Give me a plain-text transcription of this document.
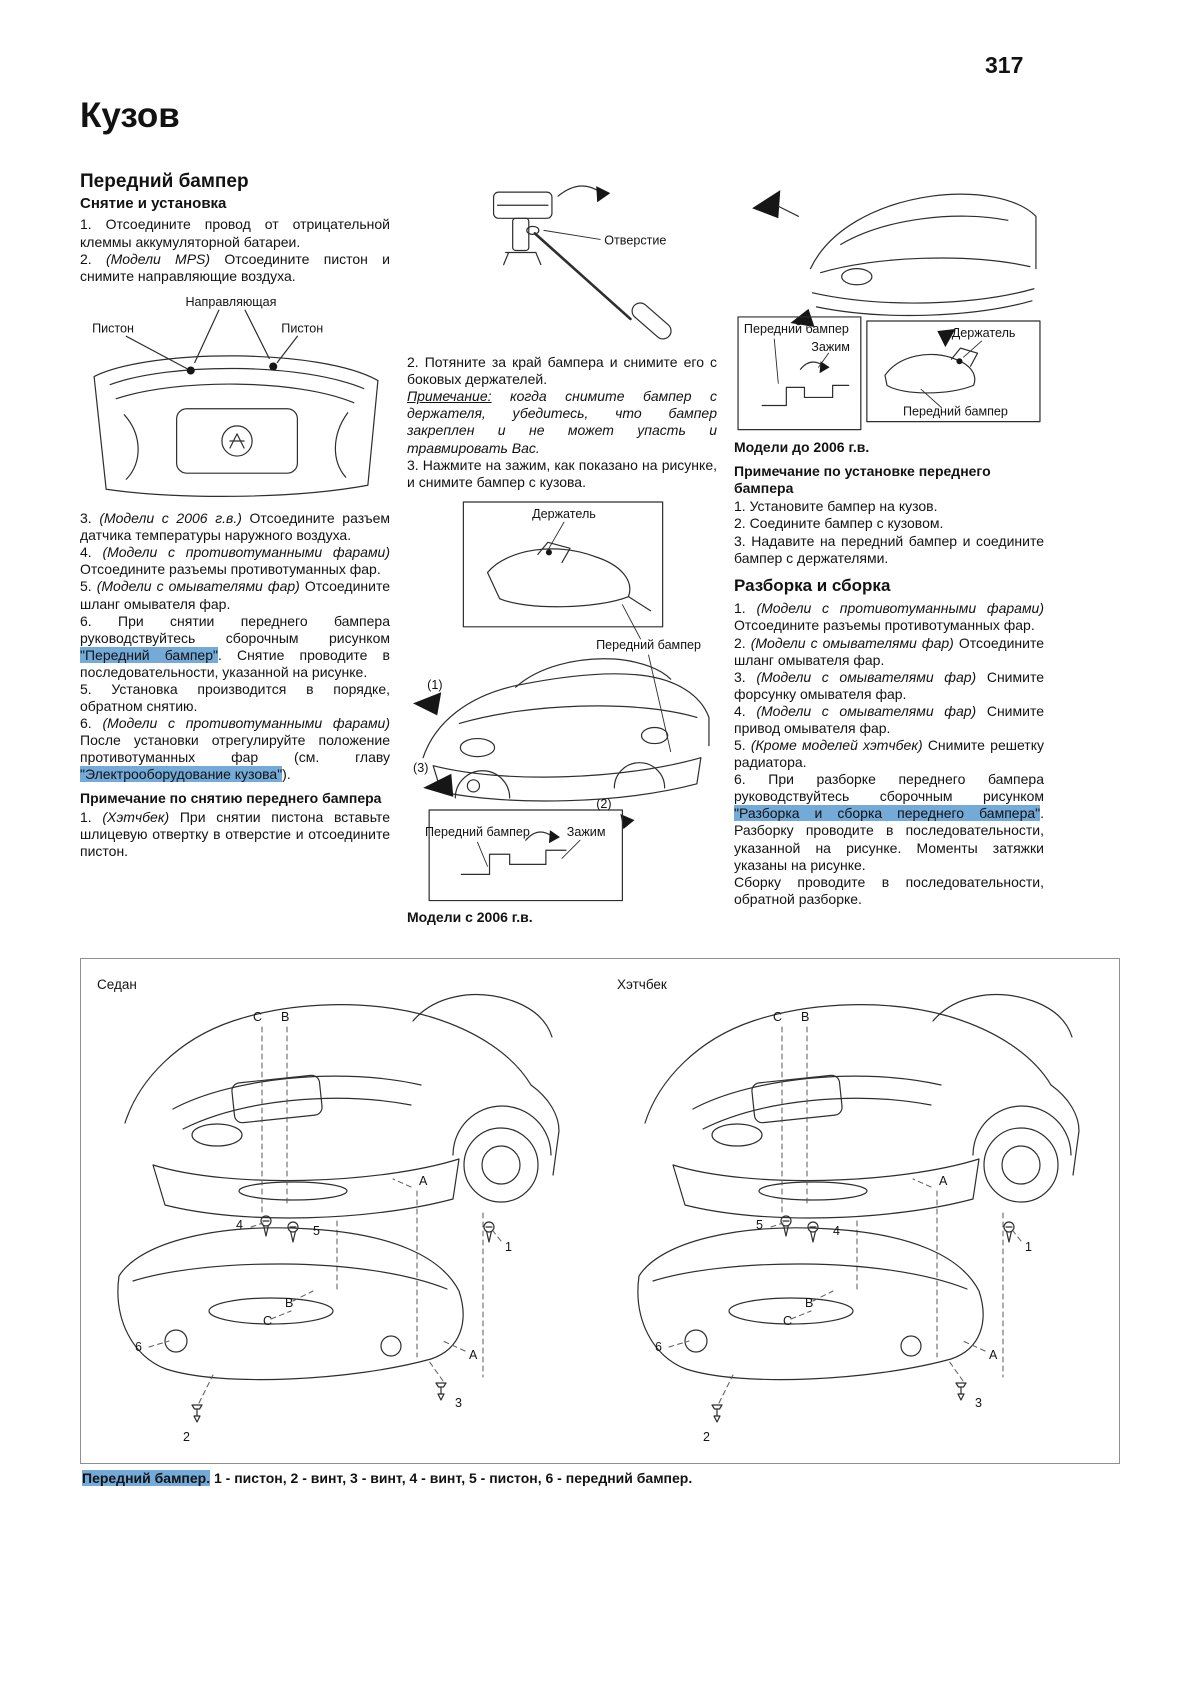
317
Кузов
Передний бампер
Снятие и установка

1. Отсоедините провод от отрицательной клеммы аккумуляторной батареи.

2. (Модели MPS) Отсоедините пистон и снимите направляющие воздуха.

Направляющая
Пистон	Пистон

3. (Модели с 2006 г.в.) Отсоедините разъем датчика температуры наружного воздуха.

4. (Модели с противотуманными фарами) Отсоедините разъемы противотуманных фар.

5. (Модели с омывателями фар) Отсоедините шланг омывателя фар.

6. При снятии переднего бампера руководствуйтесь сборочным рисунком "Передний бампер". Снятие проводите в последовательности, указанной на рисунке.

5. Установка производится в порядке, обратном снятию.

6. (Модели с противотуманными фарами) После установки отрегулируйте положение противотуманных фар (см. главу "Электрооборудование кузова").

Примечание по снятию переднего бампера

1. (Хэтчбек) При снятии пистона вставьте шлицевую отвертку в отверстие и отсоедините пистон.

Отверстие

2. Потяните за край бампера и снимите его с боковых держателей.

Примечание: когда снимите бампер с держателя, убедитесь, что бампер закреплен и не может упасть и травмировать Вас.

3. Нажмите на зажим, как показано на рисунке, и снимите бампер с кузова.

Держатель
Передний бампер
(1)
(3)
(2)
Передний бампер	Зажим
Модели с 2006 г.в.
Передний бампер
Зажим
Держатель
Передний бампер
Модели до 2006 г.в.
Примечание по установке переднего бампера

1. Установите бампер на кузов.

2. Соедините бампер с кузовом.

3. Надавите на передний бампер и соедините бампер с держателями.

Разборка и сборка

1. (Модели с противотуманными фарами) Отсоедините разъемы противотуманных фар.

2. (Модели с омывателями фар) Отсоедините шланг омывателя фар.

3. (Модели с омывателями фар) Снимите форсунку омывателя фар.

4. (Модели с омывателями фар) Снимите привод омывателя фар.

5. (Кроме моделей хэтчбек) Снимите решетку радиатора.

6. При разборке переднего бампера руководствуйтесь сборочным рисунком "Разборка и сборка переднего бампера". Разборку проводите в последовательности, указанной на рисунке. Моменты затяжки указаны на рисунке.

Сборку проводите в последовательности, обратной разборке.

Седан
C B
A
4	5
1
B
C
6
A
3
2
Хэтчбек
C B
A
5	4
1
B
C
6
A
3
2

Передний бампер. 1 - пистон, 2 - винт, 3 - винт, 4 - винт, 5 - пистон, 6 - передний бампер.
